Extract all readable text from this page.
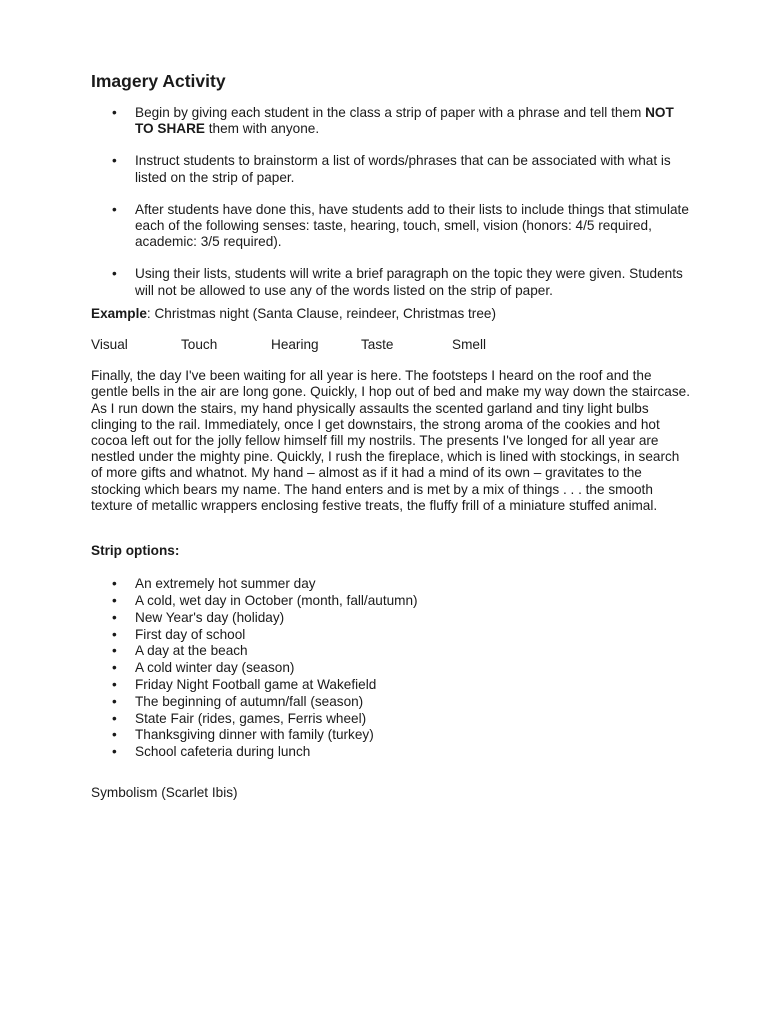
Imagery Activity
• Begin by giving each student in the class a strip of paper with a phrase and tell them NOT TO SHARE them with anyone.
• Instruct students to brainstorm a list of words/phrases that can be associated with what is listed on the strip of paper.
• After students have done this, have students add to their lists to include things that stimulate each of the following senses: taste, hearing, touch, smell, vision (honors: 4/5 required, academic: 3/5 required).
• Using their lists, students will write a brief paragraph on the topic they were given. Students will not be allowed to use any of the words listed on the strip of paper.
Example: Christmas night (Santa Clause, reindeer, Christmas tree)
Visual	Touch	Hearing	Taste	Smell
Finally, the day I've been waiting for all year is here. The footsteps I heard on the roof and the gentle bells in the air are long gone. Quickly, I hop out of bed and make my way down the staircase. As I run down the stairs, my hand physically assaults the scented garland and tiny light bulbs clinging to the rail. Immediately, once I get downstairs, the strong aroma of the cookies and hot cocoa left out for the jolly fellow himself fill my nostrils. The presents I've longed for all year are nestled under the mighty pine. Quickly, I rush the fireplace, which is lined with stockings, in search of more gifts and whatnot. My hand – almost as if it had a mind of its own – gravitates to the stocking which bears my name. The hand enters and is met by a mix of things . . . the smooth texture of metallic wrappers enclosing festive treats, the fluffy frill of a miniature stuffed animal.
Strip options:
• An extremely hot summer day
• A cold, wet day in October (month, fall/autumn)
• New Year's day (holiday)
• First day of school
• A day at the beach
• A cold winter day (season)
• Friday Night Football game at Wakefield
• The beginning of autumn/fall (season)
• State Fair (rides, games, Ferris wheel)
• Thanksgiving dinner with family (turkey)
• School cafeteria during lunch
Symbolism (Scarlet Ibis)
